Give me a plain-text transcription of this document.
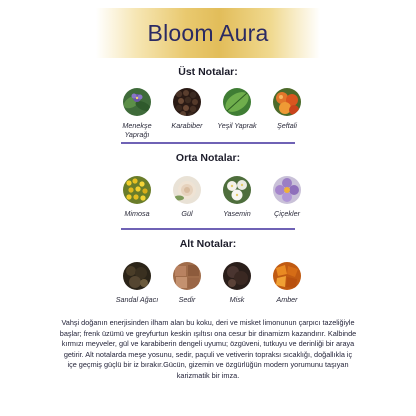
Bloom Aura
Üst Notalar:
Menekşe
Yaprağı
Karabiber	Yeşil Yaprak	Şeftali
Orta Notalar:
Mimosa	Gül	Yasemin	Çiçekler
Alt Notalar:
Sandal Ağacı	Sedir	Misk	Amber
Vahşi doğanın enerjisinden ilham alan bu koku, deri ve misket limonunun çarpıcı tazeliğiyle
başlar; frenk üzümü ve greyfurtun keskin ışıltısı ona cesur bir dinamizm kazandırır. Kalbinde
kırmızı meyveler, gül ve karabiberin dengeli uyumu; özgüveni, tutkuyu ve derinliği bir araya
getirir. Alt notalarda meşe yosunu, sedir, paçuli ve vetiverin topraksı sıcaklığı, doğallıkla iç
içe geçmiş güçlü bir iz bırakır.Gücün, gizemin ve özgürlüğün modern yorumunu taşıyan
karizmatik bir imza.
